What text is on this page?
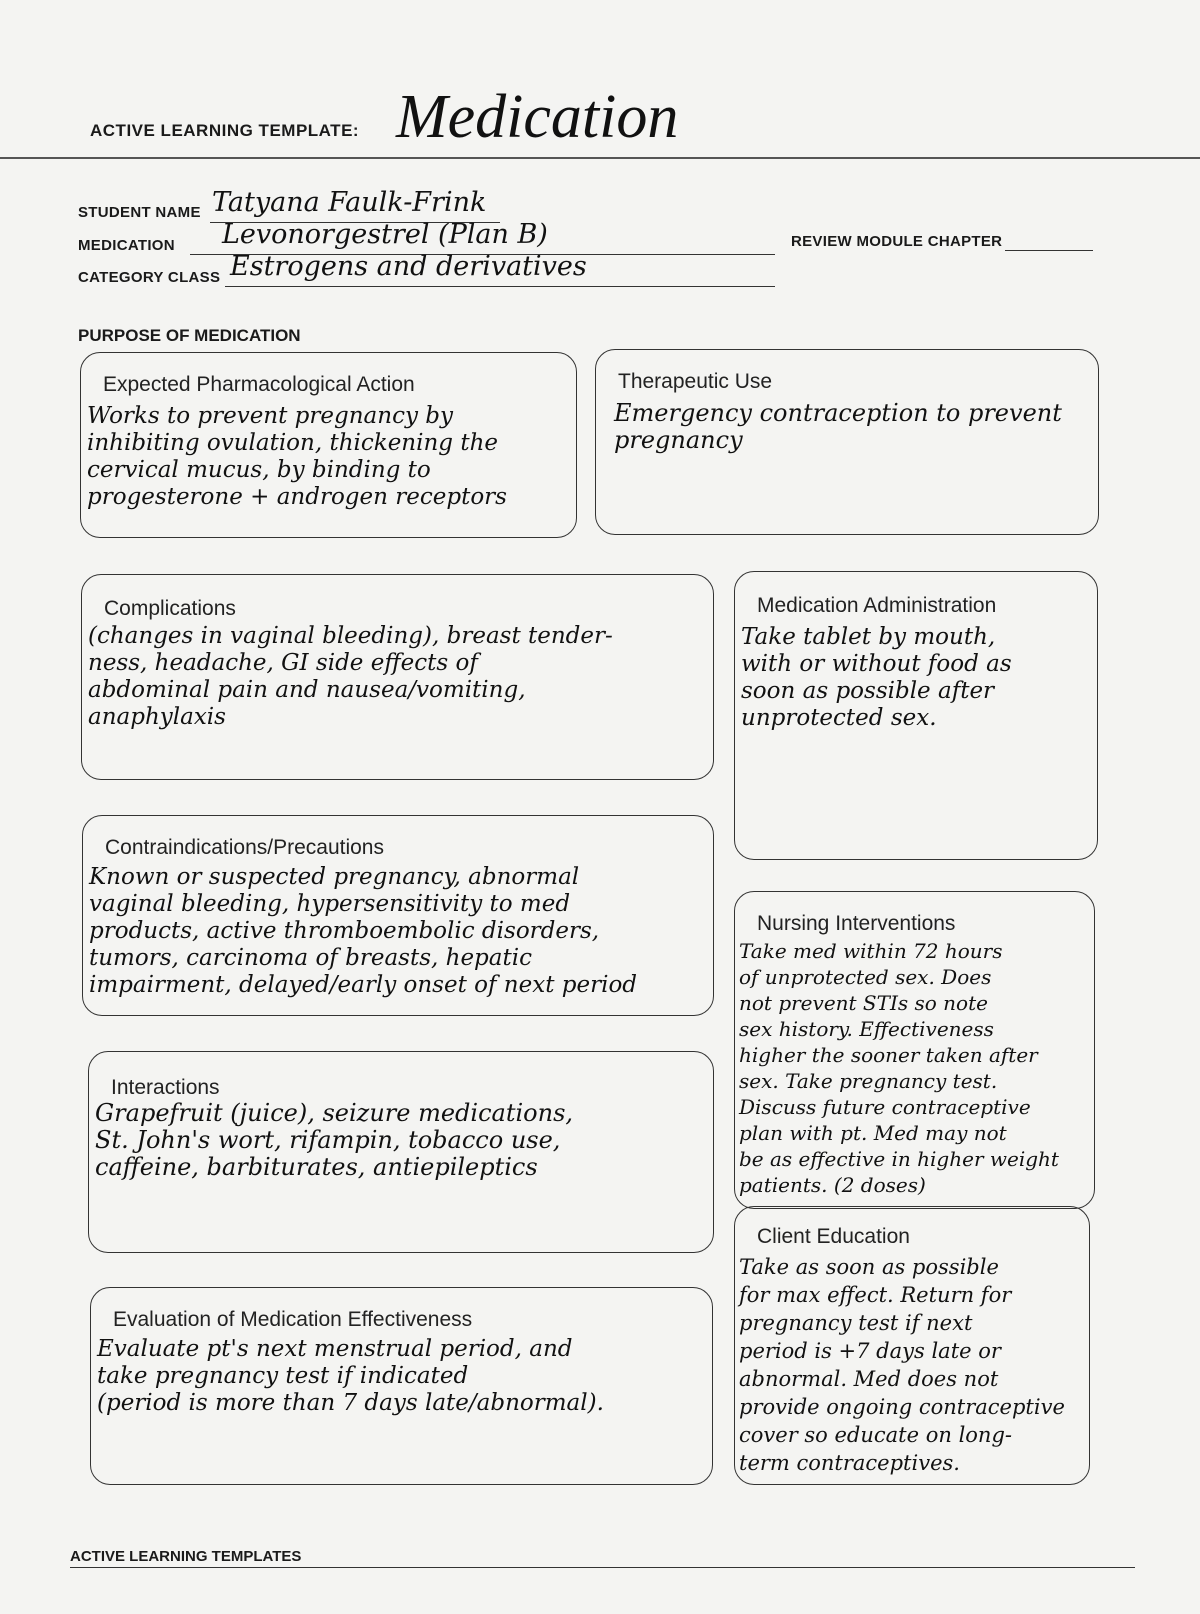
ACTIVE LEARNING TEMPLATE: Medication
STUDENT NAME Tatyana Faulk-Frink
MEDICATION Levonorgestrel (Plan B)	REVIEW MODULE CHAPTER
CATEGORY CLASS Estrogens and derivatives
PURPOSE OF MEDICATION
Expected Pharmacological Action
Works to prevent pregnancy by
inhibiting ovulation, thickening the
cervical mucus, by binding to
progesterone + androgen receptors
Therapeutic Use
Emergency contraception to prevent
pregnancy
Complications
(changes in vaginal bleeding), breast tender-
ness, headache, GI side effects of
abdominal pain and nausea/vomiting,
anaphylaxis
Medication Administration
Take tablet by mouth,
with or without food as
soon as possible after
unprotected sex.
Contraindications/Precautions
Known or suspected pregnancy, abnormal
vaginal bleeding, hypersensitivity to med
products, active thromboembolic disorders,
tumors, carcinoma of breasts, hepatic
impairment, delayed/early onset of next period
Nursing Interventions
Take med within 72 hours
of unprotected sex. Does
not prevent STIs so note
sex history. Effectiveness
higher the sooner taken after
sex. Take pregnancy test.
Discuss future contraceptive
plan with pt. Med may not
be as effective in higher weight
patients. (2 doses)
Interactions
Grapefruit (juice), seizure medications,
St. John's wort, rifampin, tobacco use,
caffeine, barbiturates, antiepileptics
Client Education
Take as soon as possible
for max effect. Return for
pregnancy test if next
period is +7 days late or
abnormal. Med does not
provide ongoing contraceptive
cover so educate on long-
term contraceptives.
Evaluation of Medication Effectiveness
Evaluate pt's next menstrual period, and
take pregnancy test if indicated
(period is more than 7 days late/abnormal).
ACTIVE LEARNING TEMPLATES
